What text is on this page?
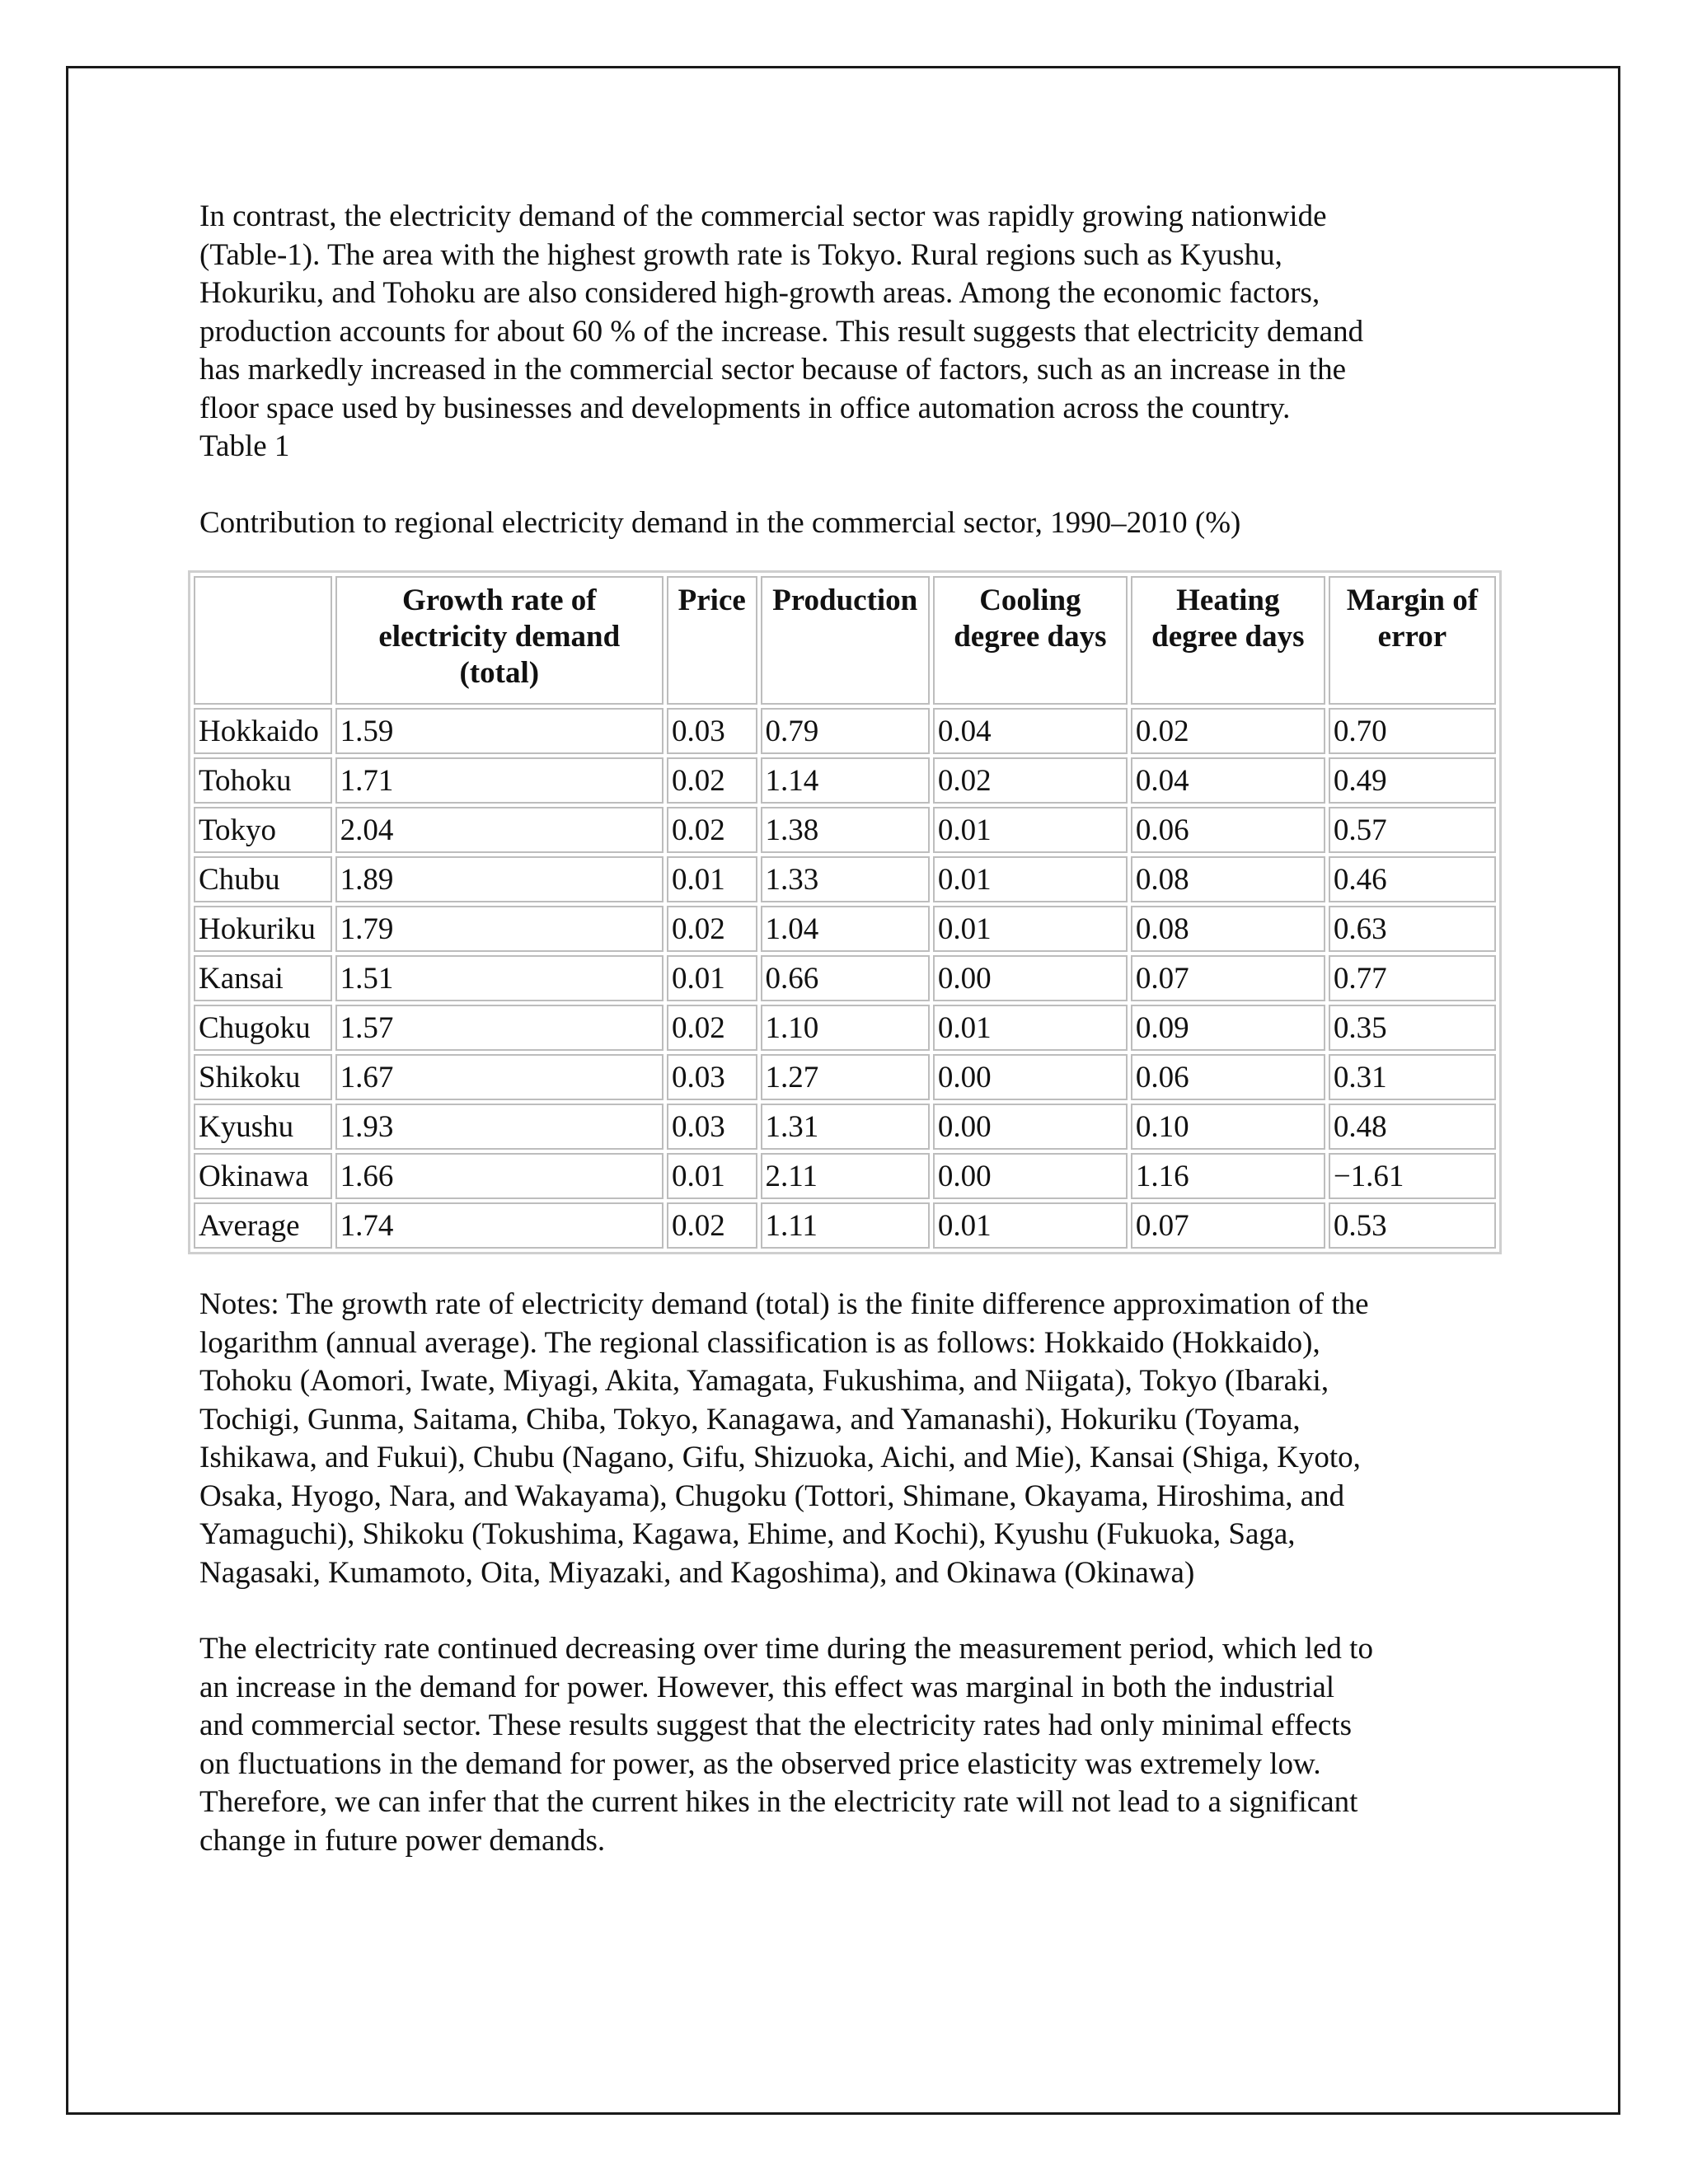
In contrast, the electricity demand of the commercial sector was rapidly growing nationwide

(Table-1). The area with the highest growth rate is Tokyo. Rural regions such as Kyushu,

Hokuriku, and Tohoku are also considered high-growth areas. Among the economic factors,

production accounts for about 60 % of the increase. This result suggests that electricity demand

has markedly increased in the commercial sector because of factors, such as an increase in the

floor space used by businesses and developments in office automation across the country.

Table 1

Contribution to regional electricity demand in the commercial sector, 1990–2010 (%)

	Growth rate of electricity demand (total)	Price	Production	Cooling degree days	Heating degree days	Margin of error
Hokkaido	1.59	0.03	0.79	0.04	0.02	0.70
Tohoku	1.71	0.02	1.14	0.02	0.04	0.49
Tokyo	2.04	0.02	1.38	0.01	0.06	0.57
Chubu	1.89	0.01	1.33	0.01	0.08	0.46
Hokuriku	1.79	0.02	1.04	0.01	0.08	0.63
Kansai	1.51	0.01	0.66	0.00	0.07	0.77
Chugoku	1.57	0.02	1.10	0.01	0.09	0.35
Shikoku	1.67	0.03	1.27	0.00	0.06	0.31
Kyushu	1.93	0.03	1.31	0.00	0.10	0.48
Okinawa	1.66	0.01	2.11	0.00	1.16	−1.61
Average	1.74	0.02	1.11	0.01	0.07	0.53

Notes: The growth rate of electricity demand (total) is the finite difference approximation of the

logarithm (annual average). The regional classification is as follows: Hokkaido (Hokkaido),

Tohoku (Aomori, Iwate, Miyagi, Akita, Yamagata, Fukushima, and Niigata), Tokyo (Ibaraki,

Tochigi, Gunma, Saitama, Chiba, Tokyo, Kanagawa, and Yamanashi), Hokuriku (Toyama,

Ishikawa, and Fukui), Chubu (Nagano, Gifu, Shizuoka, Aichi, and Mie), Kansai (Shiga, Kyoto,

Osaka, Hyogo, Nara, and Wakayama), Chugoku (Tottori, Shimane, Okayama, Hiroshima, and

Yamaguchi), Shikoku (Tokushima, Kagawa, Ehime, and Kochi), Kyushu (Fukuoka, Saga,

Nagasaki, Kumamoto, Oita, Miyazaki, and Kagoshima), and Okinawa (Okinawa)

The electricity rate continued decreasing over time during the measurement period, which led to

an increase in the demand for power. However, this effect was marginal in both the industrial

and commercial sector. These results suggest that the electricity rates had only minimal effects

on fluctuations in the demand for power, as the observed price elasticity was extremely low.

Therefore, we can infer that the current hikes in the electricity rate will not lead to a significant

change in future power demands.
